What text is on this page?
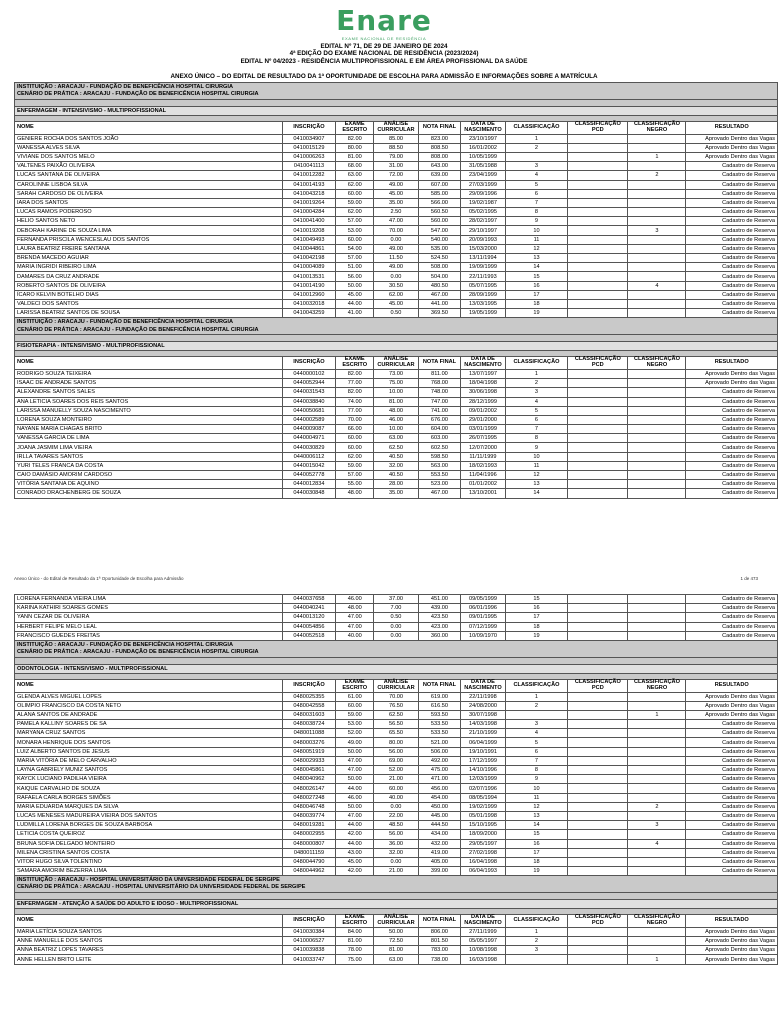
Enare
EXAME NACIONAL DE RESIDÊNCIA
EDITAL Nº 71, DE 29 DE JANEIRO DE 2024
4ª EDIÇÃO DO EXAME NACIONAL DE RESIDÊNCIA (2023/2024)
EDITAL Nº 04/2023 - RESIDÊNCIA MULTIPROFISSIONAL E EM ÁREA PROFISSIONAL DA SAÚDE
ANEXO ÚNICO – DO EDITAL DE RESULTADO DA 1ª OPORTUNIDADE DE ESCOLHA PARA ADMISSÃO E INFORMAÇÕES SOBRE A MATRÍCULA
INSTITUIÇÃO : ARACAJU - FUNDAÇÃO DE BENEFICÊNCIA HOSPITAL CIRURGIA
CENÁRIO DE PRÁTICA : ARACAJU - FUNDAÇÃO DE BENEFICÊNCIA HOSPITAL CIRURGIA									

ENFERMAGEM - INTENSIVISMO - MULTIPROFISSIONAL									

NOME	INSCRIÇÃO	EXAME ESCRITO	ANÁLISE CURRICULAR	NOTA FINAL	DATA DE NASCIMENTO	CLASSIFICAÇÃO	CLASSIFICAÇÃO PCD	CLASSIFICAÇÃO NEGRO	RESULTADO
GENIERE ROCHA DOS SANTOS JOÃO	0410034907	82.00	85.00	823.00	23/10/1997	1			Aprovado Dentro das Vagas
WANESSA ALVES SILVA	0410015129	80.00	88.50	808.50	16/01/2002	2			Aprovado Dentro das Vagas
VIVIANE DOS SANTOS MELO	0410006263	81.00	79.00	808.00	10/05/1999			1	Aprovado Dentro das Vagas
VALTENES PAIXÃO OLIVEIRA	0410041113	68.00	31.00	643.00	31/05/1988	3			Cadastro de Reserva
LUCAS SANTANA DE OLIVEIRA	0410012282	63.00	72.00	639.00	23/04/1999	4		2	Cadastro de Reserva
CAROLINNE LISBOA SILVA	0410014193	62.00	49.00	607.00	27/03/1999	5			Cadastro de Reserva
SARAH CARDOSO DE OLIVEIRA	0410043218	60.00	45.00	585.00	29/09/1996	6			Cadastro de Reserva
IARA DOS SANTOS	0410019264	59.00	35.00	566.00	19/02/1987	7			Cadastro de Reserva
LUCAS RAMOS PODEROSO	0410004284	62.00	2.50	560.50	05/02/1995	8			Cadastro de Reserva
HELIO SANTOS NETO	0410041400	57.00	47.00	560.00	28/02/1997	9			Cadastro de Reserva
DEBORAH KARINE DE SOUZA LIMA	0410019208	53.00	70.00	547.00	29/10/1997	10		3	Cadastro de Reserva
FERNANDA PRISCILA WENCESLAU DOS SANTOS	0410049493	60.00	0.00	540.00	20/09/1993	11			Cadastro de Reserva
LAURA BEATRIZ FREIRE SANTANA	0410044861	54.00	49.00	535.00	15/03/2000	12			Cadastro de Reserva
BRENDA MACEDO AGUIAR	0410042198	57.00	11.50	524.50	13/11/1994	13			Cadastro de Reserva
MARIA INGRIDI RIBEIRO LIMA	0410004089	51.00	49.00	508.00	19/09/1999	14			Cadastro de Reserva
DAMARES DA CRUZ ANDRADE	0410013531	56.00	0.00	504.00	22/11/1993	15			Cadastro de Reserva
ROBERTO SANTOS DE OLIVEIRA	0410014190	50.00	30.50	480.50	05/07/1995	16		4	Cadastro de Reserva
ÍCARO KELVIN BOTELHO DIAS	0410012960	45.00	62.00	467.00	28/09/1999	17			Cadastro de Reserva
VALDECI DOS SANTOS	0410032018	44.00	45.00	441.00	13/03/1995	18			Cadastro de Reserva
LARISSA BEATRIZ SANTOS DE SOUSA	0410043259	41.00	0.50	369.50	19/05/1999	19			Cadastro de Reserva

INSTITUIÇÃO : ARACAJU - FUNDAÇÃO DE BENEFICÊNCIA HOSPITAL CIRURGIA
CENÁRIO DE PRÁTICA : ARACAJU - FUNDAÇÃO DE BENEFICÊNCIA HOSPITAL CIRURGIA									

FISIOTERAPIA - INTENSIVISMO - MULTIPROFISSIONAL									

NOME	INSCRIÇÃO	EXAME ESCRITO	ANÁLISE CURRICULAR	NOTA FINAL	DATA DE NASCIMENTO	CLASSIFICAÇÃO	CLASSIFICAÇÃO PCD	CLASSIFICAÇÃO NEGRO	RESULTADO
RODRIGO SOUZA TEIXEIRA	0440000102	82.00	73.00	811.00	13/07/1997	1			Aprovado Dentro das Vagas
ISAAC DE ANDRADE SANTOS	0440052944	77.00	75.00	768.00	18/04/1998	2			Aprovado Dentro das Vagas
ALEXANDRE SANTOS SALES	0440031543	82.00	10.00	748.00	30/06/1998	3			Cadastro de Reserva
ANA LETICIA SOARES DOS REIS SANTOS	0440038840	74.00	81.00	747.00	28/12/1999	4			Cadastro de Reserva
LARISSA MANUELLY SOUZA NASCIMENTO	0440050681	77.00	48.00	741.00	09/01/2002	5			Cadastro de Reserva
LORENA SOUZA MONTEIRO	0440002589	70.00	46.00	676.00	29/01/2000	6			Cadastro de Reserva
NAYANE MARIA CHAGAS BRITO	0440009087	66.00	10.00	604.00	03/01/1999	7			Cadastro de Reserva
VANESSA GARCIA DE LIMA	0440004971	60.00	63.00	603.00	26/07/1995	8			Cadastro de Reserva
JOANA JASMIM LIMA VIEIRA	0440030829	60.00	62.50	602.50	12/07/2000	9			Cadastro de Reserva
IRLLA TAVARES SANTOS	0440006112	62.00	40.50	598.50	11/11/1999	10			Cadastro de Reserva
YURI TELES FRANCA DA COSTA	0440015042	59.00	32.00	563.00	18/02/1993	11			Cadastro de Reserva
CAIO DAMÁSIO AMORIM CARDOSO	0440052778	57.00	40.50	553.50	11/04/1996	12			Cadastro de Reserva
VITÓRIA SANTANA DE AQUINO	0440012834	55.00	28.00	523.00	01/01/2002	13			Cadastro de Reserva
CONRADO DRACHENBERG DE SOUZA	0440030848	48.00	35.00	467.00	13/10/2001	14			Cadastro de Reserva
Anexo Único - do Edital de Resultado da 1ª Oportunidade de Escolha para Admissão	1 de 473
LORENA FERNANDA VIEIRA LIMA	0440037658	46.00	37.00	451.00	09/05/1999	15			Cadastro de Reserva
KARINA KATHIRI SOARES GOMES	0440040241	48.00	7.00	439.00	06/01/1996	16			Cadastro de Reserva
YANN CEZAR DE OLIVEIRA	0440013120	47.00	0.50	423.50	09/01/1995	17			Cadastro de Reserva
HERBERT FELIPE MELO LEAL	0440054856	47.00	0.00	423.00	07/12/1999	18			Cadastro de Reserva
FRANCISCO GUEDES FREITAS	0440052518	40.00	0.00	360.00	10/09/1970	19			Cadastro de Reserva

INSTITUIÇÃO : ARACAJU - FUNDAÇÃO DE BENEFICÊNCIA HOSPITAL CIRURGIA
CENÁRIO DE PRÁTICA : ARACAJU - FUNDAÇÃO DE BENEFICÊNCIA HOSPITAL CIRURGIA									

ODONTOLOGIA - INTENSIVISMO - MULTIPROFISSIONAL									

NOME	INSCRIÇÃO	EXAME ESCRITO	ANÁLISE CURRICULAR	NOTA FINAL	DATA DE NASCIMENTO	CLASSIFICAÇÃO	CLASSIFICAÇÃO PCD	CLASSIFICAÇÃO NEGRO	RESULTADO
GLENDA ALVES MIGUEL LOPES	0480025355	61.00	70.00	619.00	22/11/1998	1			Aprovado Dentro das Vagas
OLIMPIO FRANCISCO DA COSTA NETO	0480042558	60.00	76.50	616.50	24/08/2000	2			Aprovado Dentro das Vagas
ALANA SANTOS DE ANDRADE	0480031603	59.00	62.50	593.50	30/07/1998			1	Aprovado Dentro das Vagas
PAMELA KALLINY SOARES DE SA	0480038724	53.00	56.50	533.50	14/03/1998	3			Cadastro de Reserva
MARYANA CRUZ SANTOS	0480011088	52.00	65.50	533.50	21/10/1999	4			Cadastro de Reserva
MONARA HENRIQUE DOS SANTOS	0480003276	49.00	80.00	521.00	06/04/1999	5			Cadastro de Reserva
LUIZ ALBERTO SANTOS DE JESUS	0480051919	50.00	56.00	506.00	19/10/1991	6			Cadastro de Reserva
MARIA VITÓRIA DE MELO CARVALHO	0480029933	47.00	69.00	492.00	17/12/1999	7			Cadastro de Reserva
LAYNA GABRIELY MUNIZ SANTOS	0480045861	47.00	52.00	475.00	14/10/1996	8			Cadastro de Reserva
KAYCK LUCIANO PADILHA VIEIRA	0480040962	50.00	21.00	471.00	12/03/1999	9			Cadastro de Reserva
KAIQUE CARVALHO DE SOUZA	0480026147	44.00	60.00	456.00	02/07/1996	10			Cadastro de Reserva
RAFAELA CARLA BORGES SIMÕES	0480027248	46.00	40.00	454.00	08/05/1994	11			Cadastro de Reserva
MARIA EDUARDA MARQUES DA SILVA	0480046748	50.00	0.00	450.00	19/02/1999	12		2	Cadastro de Reserva
LUCAS MENESES MADUREIRA VIEIRA DOS SANTOS	0480039774	47.00	22.00	445.00	05/01/1998	13			Cadastro de Reserva
LUDMILLA LORENA BORGES DE SOUZA BARBOSA	0480019281	44.00	48.50	444.50	15/10/1995	14		3	Cadastro de Reserva
LETICIA COSTA QUEIROZ	0480002955	42.00	56.00	434.00	18/09/2000	15			Cadastro de Reserva
BRUNA SOFIA DELGADO MONTEIRO	0480000807	44.00	36.00	432.00	29/05/1997	16		4	Cadastro de Reserva
MILENA CRISTINA SANTOS COSTA	0480011159	43.00	32.00	419.00	27/02/1998	17			Cadastro de Reserva
VITOR HUGO SILVA TOLENTINO	0480044790	45.00	0.00	405.00	16/04/1998	18			Cadastro de Reserva
SAMARA AMORIM BEZERRA LIMA	0480044962	42.00	21.00	399.00	06/04/1993	19			Cadastro de Reserva

INSTITUIÇÃO : ARACAJU - HOSPITAL UNIVERSITÁRIO DA UNIVERSIDADE FEDERAL DE SERGIPE
CENÁRIO DE PRÁTICA : ARACAJU - HOSPITAL UNIVERSITÁRIO DA UNIVERSIDADE FEDERAL DE SERGIPE									

ENFERMAGEM - ATENÇÃO A SAÚDE DO ADULTO E IDOSO - MULTIPROFISSIONAL									

NOME	INSCRIÇÃO	EXAME ESCRITO	ANÁLISE CURRICULAR	NOTA FINAL	DATA DE NASCIMENTO	CLASSIFICAÇÃO	CLASSIFICAÇÃO PCD	CLASSIFICAÇÃO NEGRO	RESULTADO
MARIA LETÍCIA SOUZA SANTOS	0410030384	84.00	50.00	806.00	27/11/1999	1			Aprovado Dentro das Vagas
ANNE MANUELLE DOS SANTOS	0410006527	81.00	72.50	801.50	05/05/1997	2			Aprovado Dentro das Vagas
ANNA BEATRIZ LOPES TAVARES	0410039838	78.00	81.00	783.00	10/08/1998	3			Aprovado Dentro das Vagas
ANNE HELLEN BRITO LEITE	0410033747	75.00	63.00	738.00	16/03/1998			1	Aprovado Dentro das Vagas
